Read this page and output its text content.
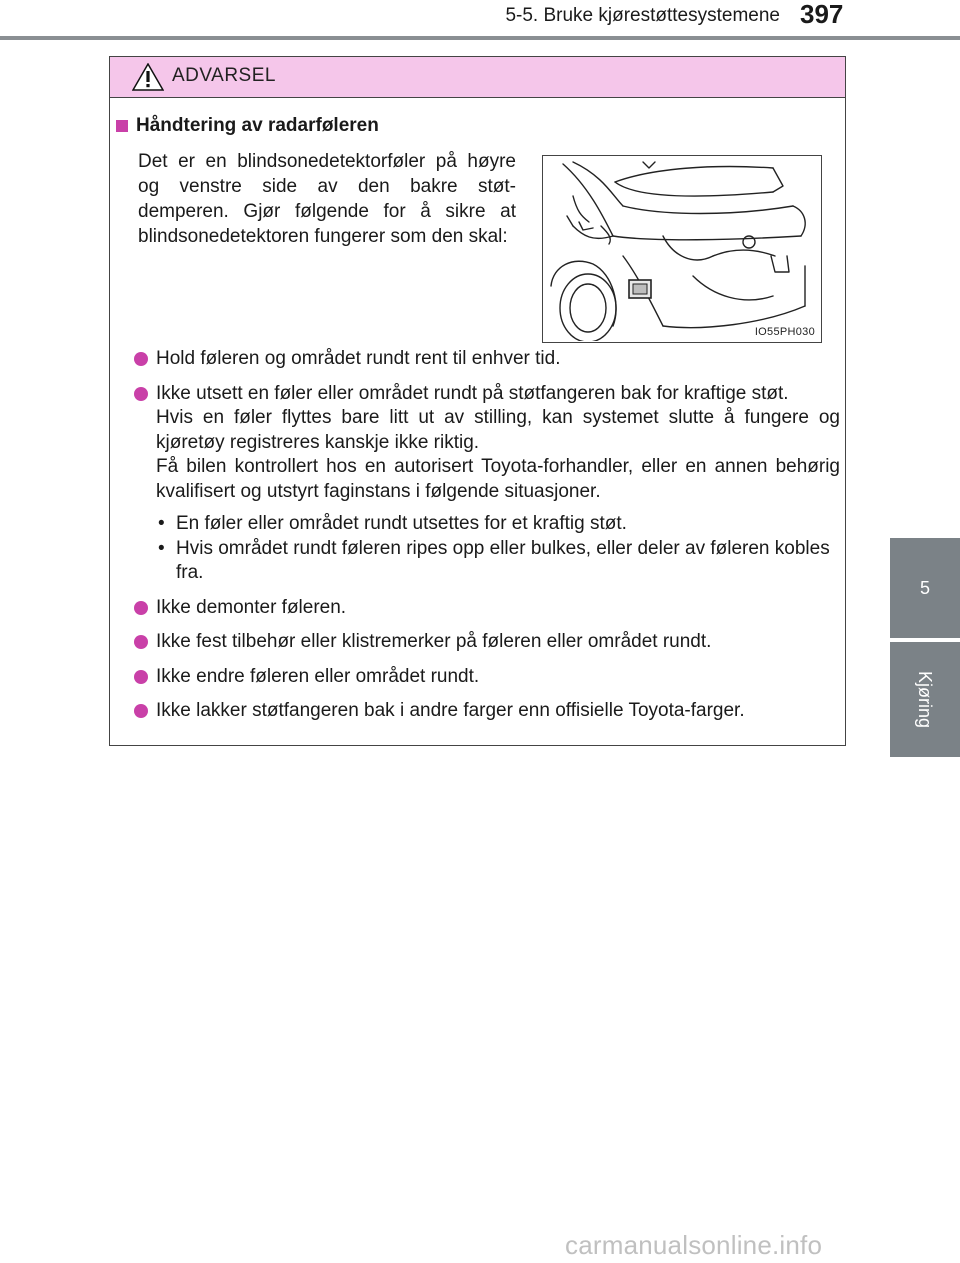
5-5. Bruke kjørestøttesystemene 397
5
Kjøring
ADVARSEL
Håndtering av radarføleren

Det er en blindsonedetektorføler på høyre og venstre side av den bakre støt-demperen. Gjør følgende for å sikre at blindsonedetektoren fungerer som den skal:

IO55PH030

Hold føleren og området rundt rent til enhver tid.

Ikke utsett en føler eller området rundt på støtfangeren bak for kraftige støt.

Hvis en føler flyttes bare litt ut av stilling, kan systemet slutte å fungere og kjøretøy registreres kanskje ikke riktig.

Få bilen kontrollert hos en autorisert Toyota-forhandler, eller en annen behørig kvalifisert og utstyrt faginstans i følgende situasjoner.

• En føler eller området rundt utsettes for et kraftig støt.
• Hvis området rundt føleren ripes opp eller bulkes, eller deler av føleren kobles fra.

Ikke demonter føleren.

Ikke fest tilbehør eller klistremerker på føleren eller området rundt.

Ikke endre føleren eller området rundt.

Ikke lakker støtfangeren bak i andre farger enn offisielle Toyota-farger.

carmanualsonline.info
